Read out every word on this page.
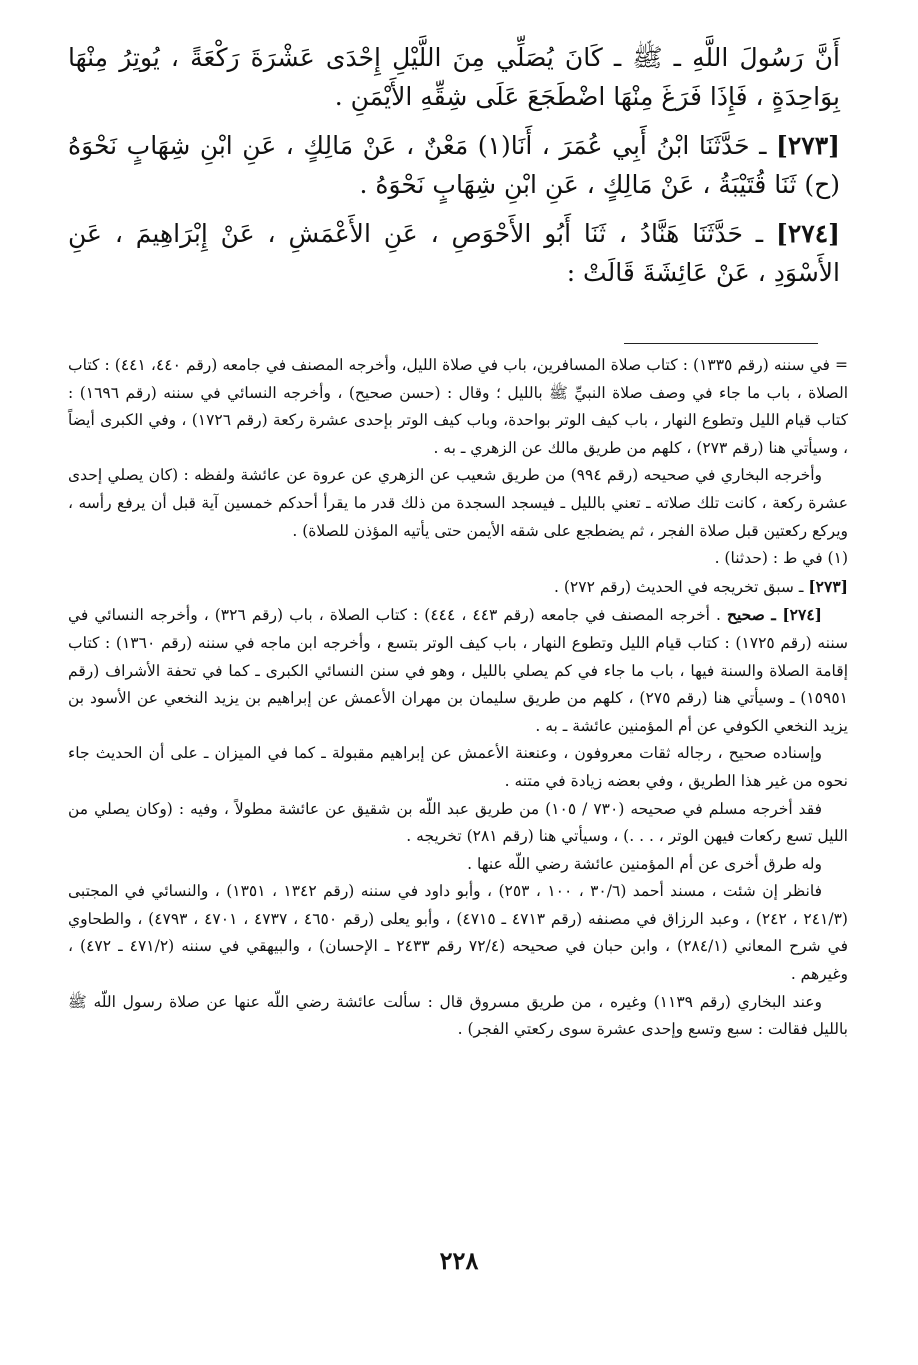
أَنَّ رَسُولَ اللَّهِ ـ ﷺ ـ كَانَ يُصَلِّي مِنَ اللَّيْلِ إِحْدَى عَشْرَةَ رَكْعَةً ، يُوتِرُ مِنْهَا بِوَاحِدَةٍ ، فَإِذَا فَرَغَ مِنْهَا اضْطَجَعَ عَلَى شِقِّهِ الأَيْمَنِ .

[٢٧٣] ـ حَدَّثَنَا ابْنُ أَبِي عُمَرَ ، أَنَا(١) مَعْنٌ ، عَنْ مَالِكٍ ، عَنِ ابْنِ شِهَابٍ نَحْوَهُ (ح) ثَنَا قُتَيْبَةُ ، عَنْ مَالِكٍ ، عَنِ ابْنِ شِهَابٍ نَحْوَهُ .

[٢٧٤] ـ حَدَّثَنَا هَنَّادُ ، ثَنَا أَبُو الأَحْوَصِ ، عَنِ الأَعْمَشِ ، عَنْ إِبْرَاهِيمَ ، عَنِ الأَسْوَدِ ، عَنْ عَائِشَةَ قَالَتْ :

= في سننه (رقم ١٣٣٥) : كتاب صلاة المسافرين، باب في صلاة الليل، وأخرجه المصنف في جامعه (رقم ٤٤٠، ٤٤١) : كتاب الصلاة ، باب ما جاء في وصف صلاة النبيِّ ﷺ بالليل ؛ وقال : (حسن صحيح) ، وأخرجه النسائي في سننه (رقم ١٦٩٦) : كتاب قيام الليل وتطوع النهار ، باب كيف الوتر بواحدة، وباب كيف الوتر بإحدى عشرة ركعة (رقم ١٧٢٦) ، وفي الكبرى أيضاً ، وسيأتي هنا (رقم ٢٧٣) ، كلهم من طريق مالك عن الزهري ـ به .

وأخرجه البخاري في صحيحه (رقم ٩٩٤) من طريق شعيب عن الزهري عن عروة عن عائشة ولفظه : (كان يصلي إحدى عشرة ركعة ، كانت تلك صلاته ـ تعني بالليل ـ فيسجد السجدة من ذلك قدر ما يقرأ أحدكم خمسين آية قبل أن يرفع رأسه ، ويركع ركعتين قبل صلاة الفجر ، ثم يضطجع على شقه الأيمن حتى يأتيه المؤذن للصلاة) .

(١) في ط : (حدثنا) .

[٢٧٣] ـ سبق تخريجه في الحديث (رقم ٢٧٢) .

[٢٧٤] ـ صحيح . أخرجه المصنف في جامعه (رقم ٤٤٣ ، ٤٤٤) : كتاب الصلاة ، باب (رقم ٣٢٦) ، وأخرجه النسائي في سننه (رقم ١٧٢٥) : كتاب قيام الليل وتطوع النهار ، باب كيف الوتر بتسع ، وأخرجه ابن ماجه في سننه (رقم ١٣٦٠) : كتاب إقامة الصلاة والسنة فيها ، باب ما جاء في كم يصلي بالليل ، وهو في سنن النسائي الكبرى ـ كما في تحفة الأشراف (رقم ١٥٩٥١) ـ وسيأتي هنا (رقم ٢٧٥) ، كلهم من طريق سليمان بن مهران الأعمش عن إبراهيم بن يزيد النخعي عن الأسود بن يزيد النخعي الكوفي عن أم المؤمنين عائشة ـ به .

وإسناده صحيح ، رجاله ثقات معروفون ، وعنعنة الأعمش عن إبراهيم مقبولة ـ كما في الميزان ـ على أن الحديث جاء نحوه من غير هذا الطريق ، وفي بعضه زيادة في متنه .

فقد أخرجه مسلم في صحيحه (٧٣٠ / ١٠٥) من طريق عبد اللّه بن شقيق عن عائشة مطولاً ، وفيه : (وكان يصلي من الليل تسع ركعات فيهن الوتر ، . . .) ، وسيأتي هنا (رقم ٢٨١) تخريجه .

وله طرق أخرى عن أم المؤمنين عائشة رضي اللّه عنها .

فانظر إن شئت ، مسند أحمد (٣٠/٦ ، ١٠٠ ، ٢٥٣) ، وأبو داود في سننه (رقم ١٣٤٢ ، ١٣٥١) ، والنسائي في المجتبى (٢٤١/٣ ، ٢٤٢) ، وعبد الرزاق في مصنفه (رقم ٤٧١٣ ـ ٤٧١٥) ، وأبو يعلى (رقم ٤٦٥٠ ، ٤٧٣٧ ، ٤٧٠١ ، ٤٧٩٣) ، والطحاوي في شرح المعاني (٢٨٤/١) ، وابن حبان في صحيحه (٧٢/٤ رقم ٢٤٣٣ ـ الإحسان) ، والبيهقي في سننه (٤٧١/٢ ـ ٤٧٢) ، وغيرهم .

وعند البخاري (رقم ١١٣٩) وغيره ، من طريق مسروق قال : سألت عائشة رضي اللّه عنها عن صلاة رسول اللّه ﷺ بالليل فقالت : سبع وتسع وإحدى عشرة سوى ركعتي الفجر) .

٢٢٨
